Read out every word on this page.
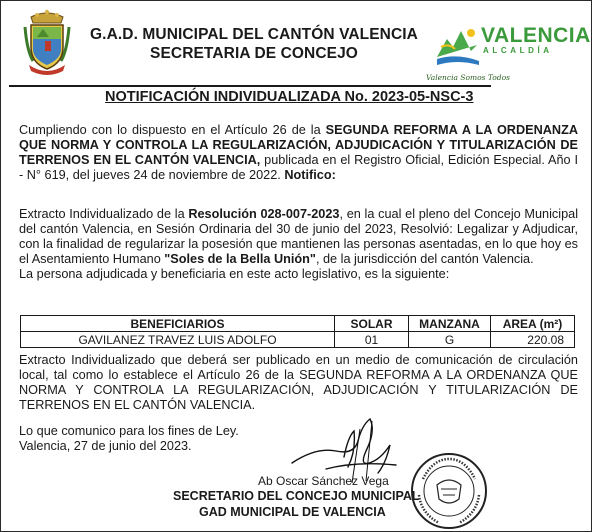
G.A.D. MUNICIPAL DEL CANTÓN VALENCIA
SECRETARIA DE CONCEJO
VALENCIA
ALCALDÍA
Valencia Somos Todos
NOTIFICACIÓN INDIVIDUALIZADA No. 2023-05-NSC-3
Cumpliendo con lo dispuesto en el Artículo 26 de la SEGUNDA REFORMA A LA ORDENANZA QUE NORMA Y CONTROLA LA REGULARIZACIÓN, ADJUDICACIÓN Y TITULARIZACIÓN DE TERRENOS EN EL CANTÓN VALENCIA, publicada en el Registro Oficial, Edición Especial. Año I - N° 619, del jueves 24 de noviembre de 2022. Notifico:
Extracto Individualizado de la Resolución 028-007-2023, en la cual el pleno del Concejo Municipal del cantón Valencia, en Sesión Ordinaria del 30 de junio del 2023, Resolvió: Legalizar y Adjudicar, con la finalidad de regularizar la posesión que mantienen las personas asentadas, en lo que hoy es el Asentamiento Humano "Soles de la Bella Unión", de la jurisdicción del cantón Valencia.
La persona adjudicada y beneficiaria en este acto legislativo, es la siguiente:
BENEFICIARIOS	SOLAR	MANZANA	AREA (m²)
GAVILANEZ TRAVEZ LUIS ADOLFO	01	G	220.08
Extracto Individualizado que deberá ser publicado en un medio de comunicación de circulación local, tal como lo establece el Artículo 26 de la SEGUNDA REFORMA A LA ORDENANZA QUE NORMA Y CONTROLA LA REGULARIZACIÓN, ADJUDICACIÓN Y TITULARIZACIÓN DE TERRENOS EN EL CANTÓN VALENCIA.
Lo que comunico para los fines de Ley.
Valencia, 27 de junio del 2023.
Ab Oscar Sánchez Vega
SECRETARIO DEL CONCEJO MUNICIPAL
GAD MUNICIPAL DE VALENCIA
